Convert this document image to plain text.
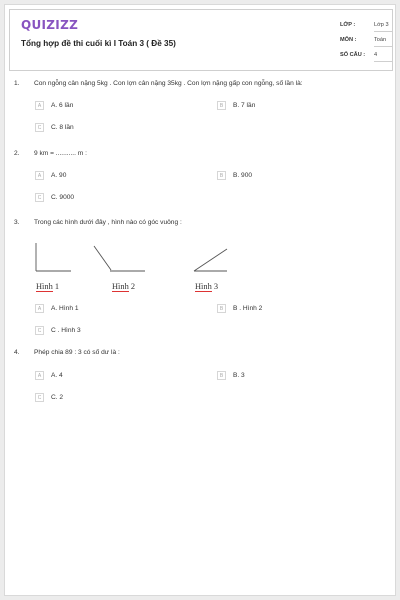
QUIZIZZ
Tổng hợp đề thi cuối kì I Toán 3 ( Đề 35)
LỚP :	Lớp 3
MÔN :	Toán
SỐ CÂU : 4
1. Con ngỗng cân nặng 5kg . Con lợn cân nặng 35kg . Con lợn nặng gấp con ngỗng, số lần là:
A	A. 6 lần	B	B. 7 lần
C	C. 8 lần
2. 9 km = ........... m :
A	A. 90	B	B. 900
C	C. 9000
3. Trong các hình dưới đây , hình nào có góc vuông :
Hình 1	Hình 2	Hình 3
A	A. Hình 1	B	B . Hình 2
C	C . Hình 3
4. Phép chia 89 : 3 có số dư là :
A	A. 4	B	B. 3
C	C. 2
